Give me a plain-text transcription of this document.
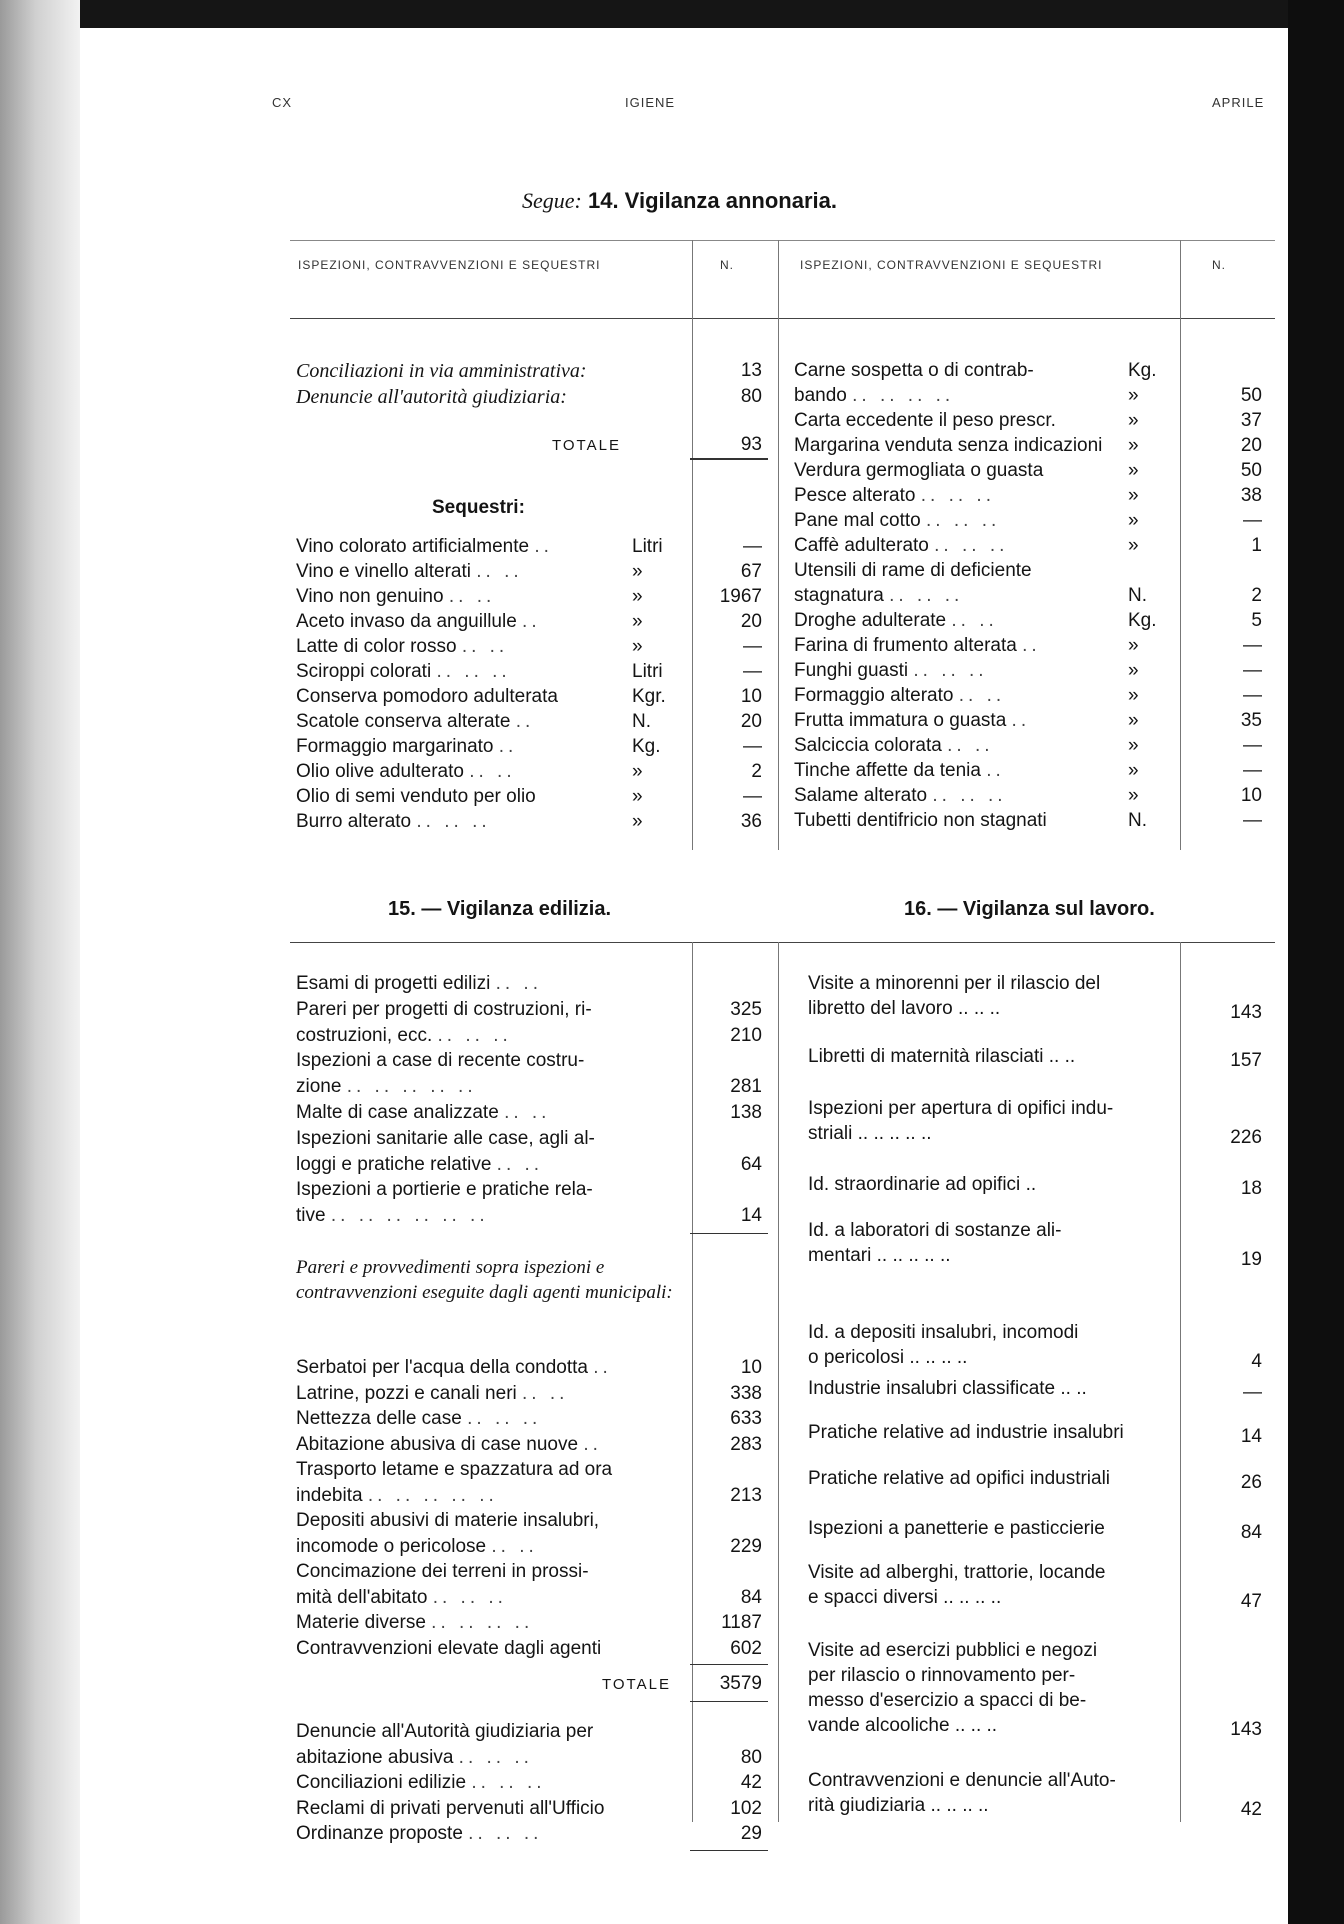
CX	IGIENE	APRILE
Segue: 14. Vigilanza annonaria.
ISPEZIONI, CONTRAVVENZIONI E SEQUESTRI	N.	ISPEZIONI, CONTRAVVENZIONI E SEQUESTRI	N.
Conciliazioni in via amministrativa:	13
Denuncie all'autorità giudiziaria:	80
TOTALE	93
Sequestri:
Vino colorato artificialmente ..	Litri	—
Vino e vinello alterati .. ..	»	67
Vino non genuino .. ..	»	1967
Aceto invaso da anguillule ..	»	20
Latte di color rosso .. ..	»	—
Sciroppi colorati .. .. ..	Litri	—
Conserva pomodoro adulterata	Kgr.	10
Scatole conserva alterate ..	N.	20
Formaggio margarinato ..	Kg.	—
Olio olive adulterato .. ..	»	2
Olio di semi venduto per olio	»	—
Burro alterato .. .. ..	»	36
Carne sospetta o di contrab-	Kg.
bando .. .. .. ..	»	50
Carta eccedente il peso prescr.	»	37
Margarina venduta senza indicazioni	»	20
Verdura germogliata o guasta	»	50
Pesce alterato .. .. ..	»	38
Pane mal cotto .. .. ..	»	—
Caffè adulterato .. .. ..	»	1
Utensili di rame di deficiente
stagnatura .. .. ..	N.	2
Droghe adulterate .. ..	Kg.	5
Farina di frumento alterata ..	»	—
Funghi guasti .. .. ..	»	—
Formaggio alterato .. ..	»	—
Frutta immatura o guasta ..	»	35
Salciccia colorata .. ..	»	—
Tinche affette da tenia ..	»	—
Salame alterato .. .. ..	»	10
Tubetti dentifricio non stagnati	N.	—
15. — Vigilanza edilizia.	16. — Vigilanza sul lavoro.
Esami di progetti edilizi .. ..
Pareri per progetti di costruzioni, ri-	325
costruzioni, ecc. .. .. ..	210
Ispezioni a case di recente costru-
zione .. .. .. .. ..	281
Malte di case analizzate .. ..	138
Ispezioni sanitarie alle case, agli al-
loggi e pratiche relative .. ..	64
Ispezioni a portierie e pratiche rela-
tive .. .. .. .. .. ..	14
Pareri e provvedimenti sopra ispezioni e contravvenzioni eseguite dagli agenti municipali:
Serbatoi per l'acqua della condotta ..	10
Latrine, pozzi e canali neri .. ..	338
Nettezza delle case .. .. ..	633
Abitazione abusiva di case nuove ..	283
Trasporto letame e spazzatura ad ora
indebita .. .. .. .. ..	213
Depositi abusivi di materie insalubri,
incomode o pericolose .. ..	229
Concimazione dei terreni in prossi-
mità dell'abitato .. .. ..	84
Materie diverse .. .. .. ..	1187
Contravvenzioni elevate dagli agenti	602
TOTALE	3579
Denuncie all'Autorità giudiziaria per
abitazione abusiva .. .. ..	80
Conciliazioni edilizie .. .. ..	42
Reclami di privati pervenuti all'Ufficio	102
Ordinanze proposte .. .. ..	29
Visite a minorenni per il rilascio del
libretto del lavoro .. .. ..	143
Libretti di maternità rilasciati .. ..	157
Ispezioni per apertura di opifici indu-
striali .. .. .. .. ..	226
Id. straordinarie ad opifici ..	18
Id. a laboratori di sostanze ali-
mentari .. .. .. .. ..	19
Id. a depositi insalubri, incomodi
o pericolosi .. .. .. ..	4
Industrie insalubri classificate .. ..	—
Pratiche relative ad industrie insalubri	14
Pratiche relative ad opifici industriali	26
Ispezioni a panetterie e pasticcierie	84
Visite ad alberghi, trattorie, locande
e spacci diversi .. .. .. ..	47
Visite ad esercizi pubblici e negozi
per rilascio o rinnovamento per-
messo d'esercizio a spacci di be-
vande alcooliche .. .. ..	143
Contravvenzioni e denuncie all'Auto-
rità giudiziaria .. .. .. ..	42
